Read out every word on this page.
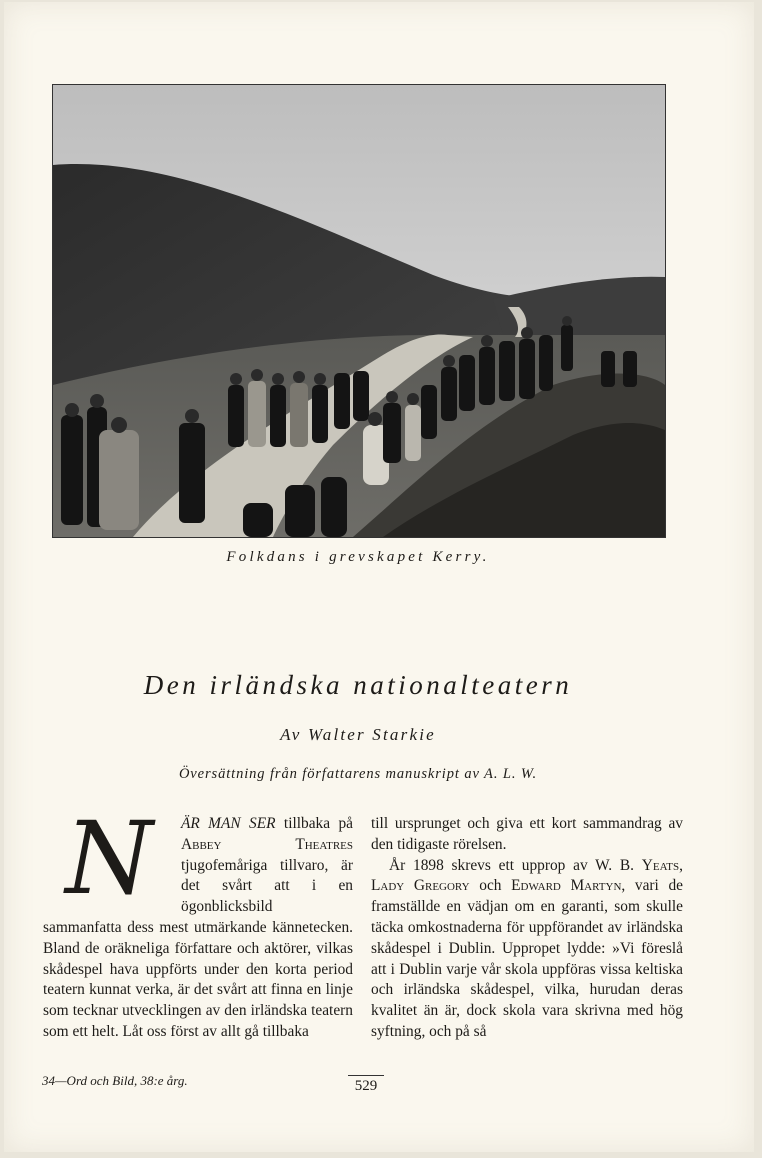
Folkdans i grevskapet Kerry.
Den irländska nationalteatern
Av Walter Starkie
Översättning från författarens manuskript av A. L. W.

N	ÄR MAN SER tillbaka på Abbey Theatres tjugofemåriga tillvaro, är det svårt att i en ögonblicksbild sammanfatta dess mest utmärkande kännetecken. Bland de oräkneliga författare och aktörer, vilkas skådespel hava uppförts under den korta period teatern kunnat verka, är det svårt att finna en linje som tecknar utvecklingen av den irländska teatern som ett helt. Låt oss först av allt gå tillbaka

till ursprunget och giva ett kort sammandrag av den tidigaste rörelsen.

År 1898 skrevs ett upprop av W. B. Yeats, Lady Gregory och Edward Martyn, vari de framställde en vädjan om en garanti, som skulle täcka omkostnaderna för uppförandet av irländska skådespel i Dublin. Uppropet lydde: »Vi föreslå att i Dublin varje vår skola uppföras vissa keltiska och irländska skådespel, vilka, hurudan deras kvalitet än är, dock skola vara skrivna med hög syftning, och på så

34—Ord och Bild, 38:e årg.	529
